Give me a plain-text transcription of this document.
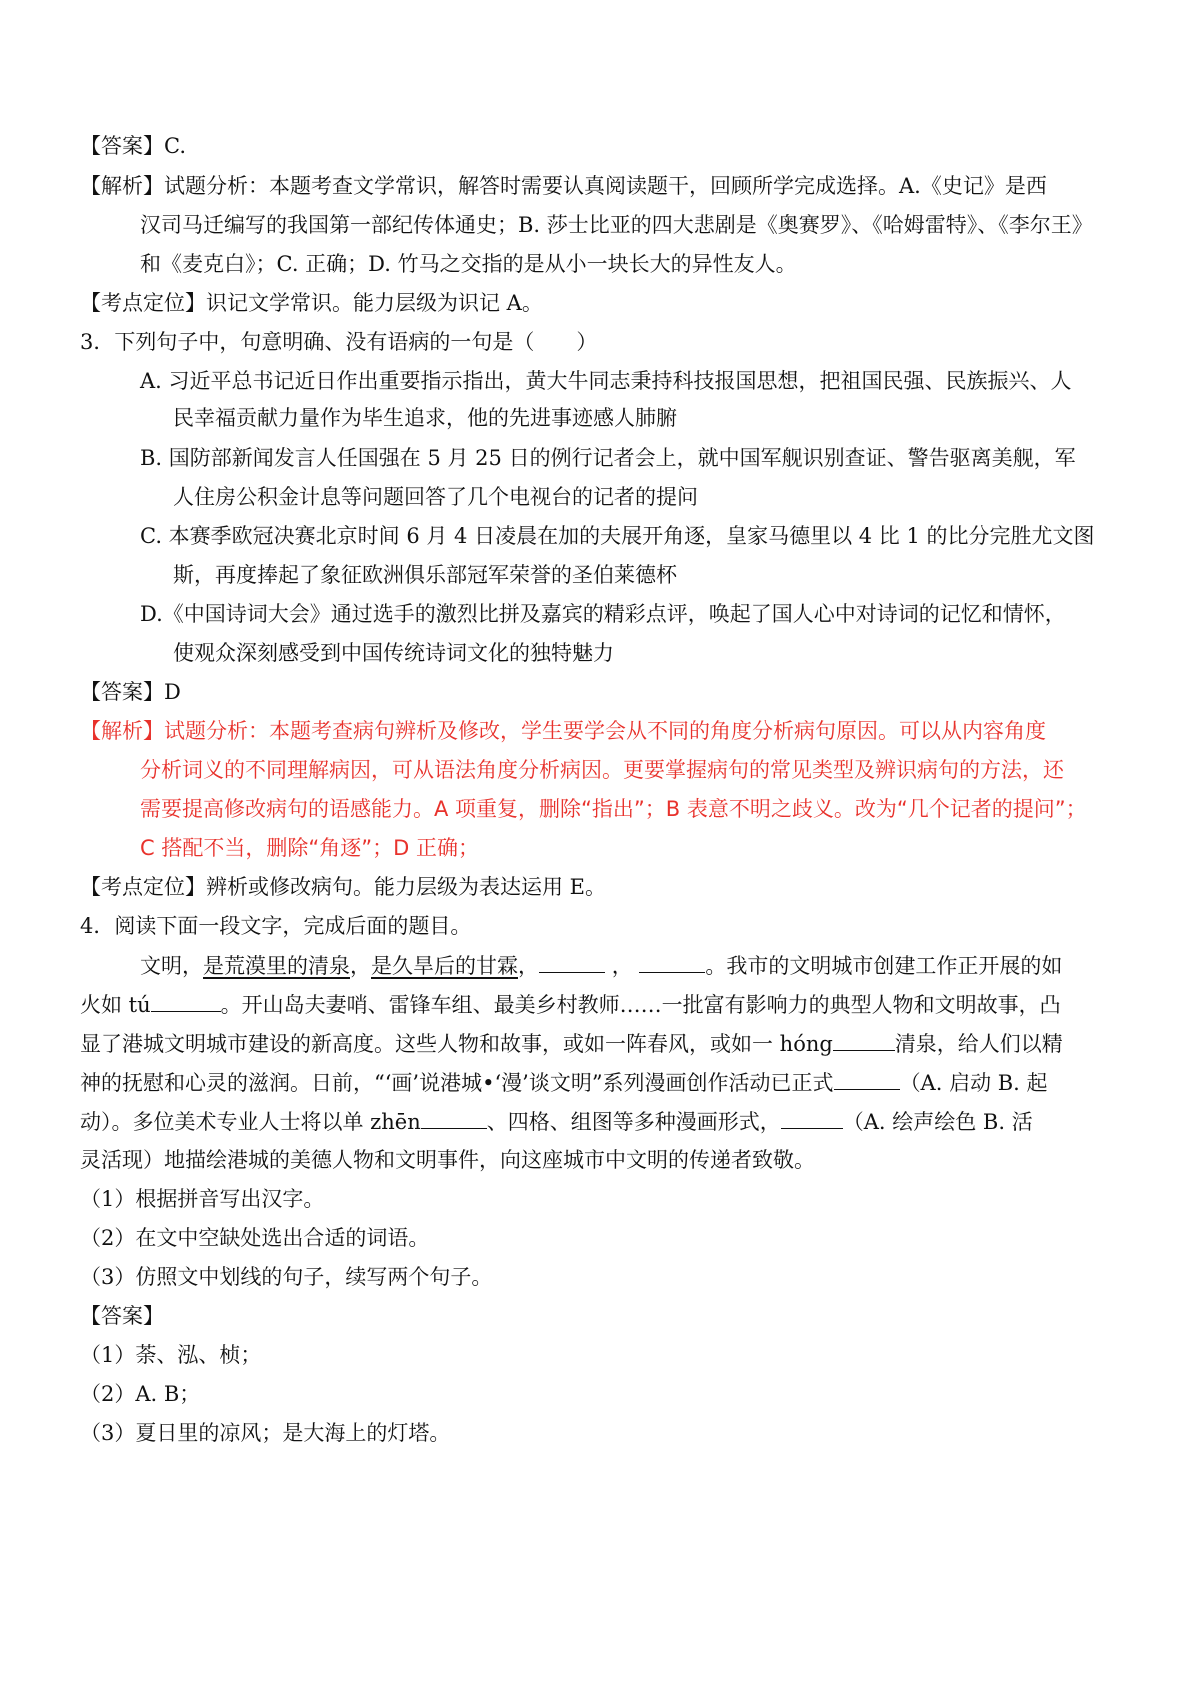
【答案】C.
【解析】试题分析：本题考查文学常识，解答时需要认真阅读题干，回顾所学完成选择。A.《史记》是西
汉司马迁编写的我国第一部纪传体通史；B. 莎士比亚的四大悲剧是《奥赛罗》、《哈姆雷特》、《李尔王》
和《麦克白》；C. 正确；D. 竹马之交指的是从小一块长大的异性友人。
【考点定位】识记文学常识。能力层级为识记 A。
3．下列句子中，句意明确、没有语病的一句是（　　）
A. 习近平总书记近日作出重要指示指出，黄大牛同志秉持科技报国思想，把祖国民强、民族振兴、人
民幸福贡献力量作为毕生追求，他的先进事迹感人肺腑
B. 国防部新闻发言人任国强在 5 月 25 日的例行记者会上，就中国军舰识别查证、警告驱离美舰，军
人住房公积金计息等问题回答了几个电视台的记者的提问
C. 本赛季欧冠决赛北京时间 6 月 4 日凌晨在加的夫展开角逐，皇家马德里以 4 比 1 的比分完胜尤文图
斯，再度捧起了象征欧洲俱乐部冠军荣誉的圣伯莱德杯
D.《中国诗词大会》通过选手的激烈比拼及嘉宾的精彩点评，唤起了国人心中对诗词的记忆和情怀，
使观众深刻感受到中国传统诗词文化的独特魅力
【答案】D
【解析】试题分析：本题考查病句辨析及修改，学生要学会从不同的角度分析病句原因。可以从内容角度
分析词义的不同理解病因，可从语法角度分析病因。更要掌握病句的常见类型及辨识病句的方法，还
需要提高修改病句的语感能力。A 项重复，删除“指出”；B 表意不明之歧义。改为“几个记者的提问”；
C 搭配不当，删除“角逐”；D 正确；
【考点定位】辨析或修改病句。能力层级为表达运用 E。
4．阅读下面一段文字，完成后面的题目。
文明，是荒漠里的清泉，是久旱后的甘霖，	，	。我市的文明城市创建工作正开展的如
火如 tú	。开山岛夫妻哨、雷锋车组、最美乡村教师……一批富有影响力的典型人物和文明故事，凸
显了港城文明城市建设的新高度。这些人物和故事，或如一阵春风，或如一 hóng	清泉，给人们以精
神的抚慰和心灵的滋润。日前，“‘画’说港城•‘漫’谈文明”系列漫画创作活动已正式	（A. 启动 B. 起
动）。多位美术专业人士将以单 zhēn	、四格、组图等多种漫画形式，	（A. 绘声绘色 B. 活
灵活现）地描绘港城的美德人物和文明事件，向这座城市中文明的传递者致敬。
（1）根据拼音写出汉字。
（2）在文中空缺处选出合适的词语。
（3）仿照文中划线的句子，续写两个句子。
【答案】
（1）荼、泓、桢；
（2）A. B；
（3）夏日里的凉风；是大海上的灯塔。
